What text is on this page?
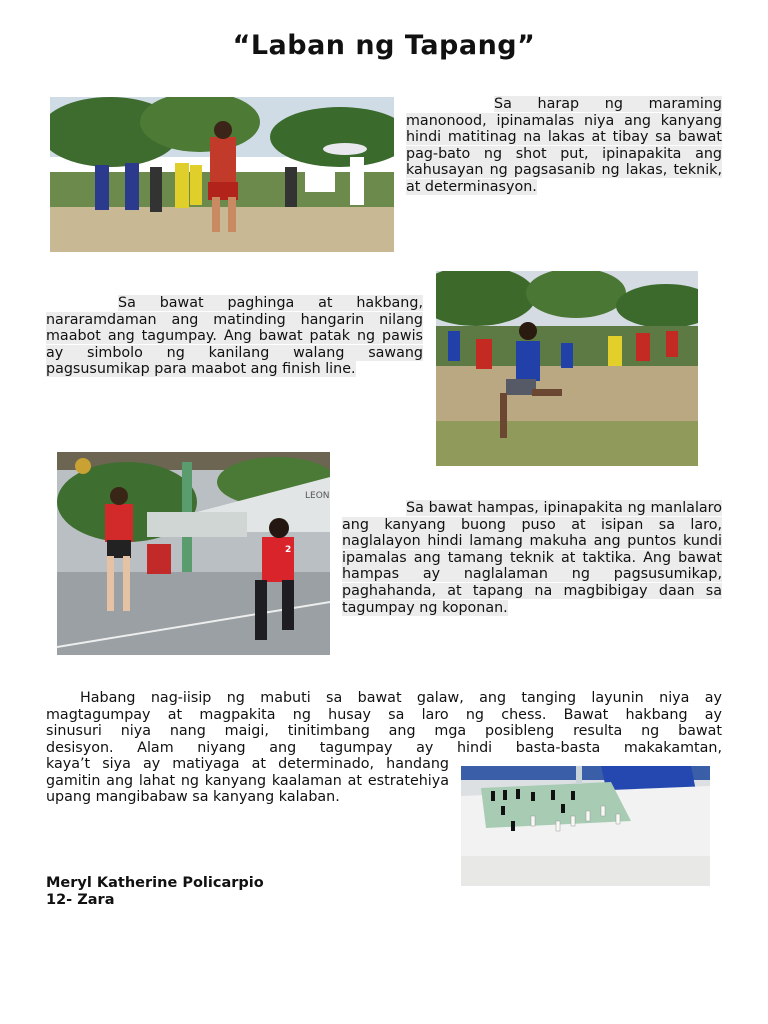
“Laban ng Tapang”
Sa harap ng maraming manonood, ipinamalas niya ang kanyang hindi matitinag na lakas at tibay sa bawat pag-bato ng shot put, ipinapakita ang kahusayan ng pagsasanib ng lakas, teknik, at determinasyon.
Sa bawat paghinga at hakbang, nararamdaman ang matinding hangarin nilang maabot ang tagumpay. Ang bawat patak ng pawis ay simbolo ng kanilang walang sawang pagsusumikap para maabot ang finish line.
LEON
2
Sa bawat hampas, ipinapakita ng manlalaro ang kanyang buong puso at isipan sa laro, naglalayon hindi lamang makuha ang puntos kundi ipamalas ang tamang teknik at taktika. Ang bawat hampas ay naglalaman ng pagsusumikap, paghahanda, at tapang na magbibigay daan sa tagumpay ng koponan.
Habang nag-iisip ng mabuti sa bawat galaw, ang tanging layunin niya ay
magtagumpay at magpakita ng husay sa laro ng chess. Bawat hakbang ay
sinusuri niya nang maigi, tinitimbang ang mga posibleng resulta ng bawat
desisyon. Alam niyang ang tagumpay ay hindi basta-basta makakamtan,
kaya’t siya ay matiyaga at determinado, handang gamitin ang lahat ng kanyang kaalaman at estratehiya upang mangibabaw sa kanyang kalaban.
Meryl Katherine Policarpio
12- Zara
